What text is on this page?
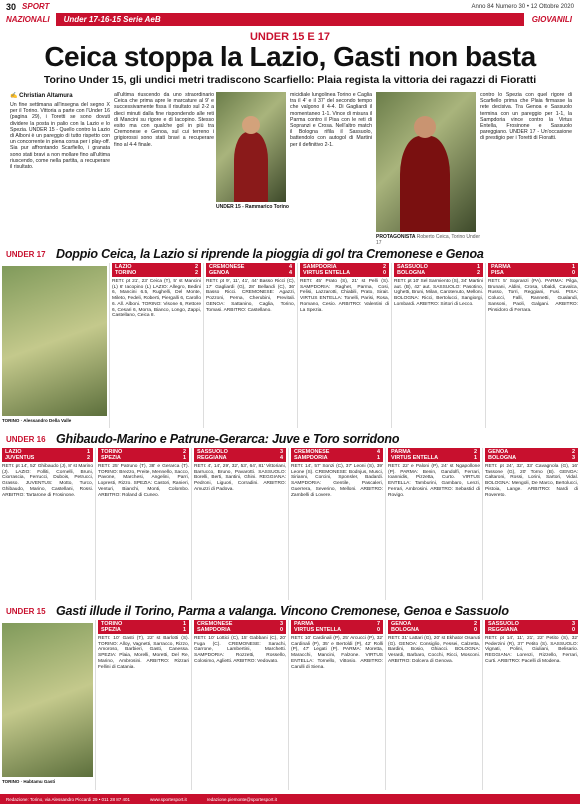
30 SPORT	Anno 84 Numero 30 • 12 Ottobre 2020
NAZIONALI	Under 17-16-15 Serie AeB	GIOVANILI
UNDER 15 E 17
Ceica stoppa la Lazio, Gasti non basta
Torino Under 15, gli undici metri tradiscono Scarfiello: Plaia regista la vittoria dei ragazzi di Fioratti
✍ Christian Altamura
Un fine settimana all'insegna del segno X per il Torino. Vittoria a parte con l'Under 16 (pagina 29), i Toretti se sono dovuti dividere la posta in palio con la Lazio e lo Spezia. UNDER 15 - Quello contro la Lazio di Alboni è un pareggio di tutto rispetto con un concorrente in piena corsa per i play-off. Sia pur affrontando Scarfiello, i granata sono stati bravi a non mollare fino all'ultima riuscendo, come nella partita, a recuperare il risultato.
all'ultima riuscendo da uno straordinario Ceica che prima apre le marcature al 9' e successivamente fissa il risultato sul 2-2 a dieci minuti dalla fine rispondendo alle reti di Mancini su rigore e di Iacopino. Stesso esito ma con qualche gol in più tra Cremonese e Genoa, sul cui terreno i grigiorossi sono stati bravi a recuperare fino al 4-4 finale.
UNDER 15 - Rammarico Torino
micidiale lungolinea Torino e Caglia tra il 4' e il 37' del secondo tempo che valgono il 4-4. Di Gagliardi il momentaneo 1-1. Vince di misura il Parma contro il Pisa con le reti di Sopranzi e Crosa. Nell'altro match il Bologna rifila il Sassuolo, battendolo con autogol di Martini per il definitivo 2-1.
PROTAGONISTA Roberto Ceica, Torino Under 17
contro lo Spezia con quel rigore di Scarfiello prima che Plaia firmasse la rete decisiva. Tra Genoa e Sassuolo termina con un pareggio per 1-1, la Sampdoria vince contro la Virtus Entella, Frosinone e Sassuolo pareggiano. UNDER 17 - Un'occasione di prestigio per i Toretti di Fioratti.
UNDER 17 Doppio Ceica, la Lazio si riprende la pioggia di gol tra Cremonese e Genoa
TORINO · Alessandro Della Valle
LAZIO	2
TORINO	2
RETI: pt 21', 23' Ceica (T), 5' st Mancini (L) 6' Iacopino (L) LAZIO: Allegro, Bedini 6, Mancini 6.5, Rughelli, Del Monte, Mileto, Fedeli, Roberti, Piergalli 6, Carollo 6. All. Alboni. TORINO: Visone 6, Rettore 6, Cesari 6, Morra, Bianco, Longo, Zappi, Castellano, Ceica 8.
CREMONESE	4
GENOA	4
RETI: pt 9', 11', 41', 44' Basso Ricci (C), 17' Gagliardi (G), 28' Bellandi (C), 36' Basso Ricci. CREMONESE: Agazzi, Pozzoni, Perna, Cherubini, Previtali. GENOA: Sattanino, Caglia, Torino, Tomasi. ARBITRO: Castellano.
SAMPDORIA	2
VIRTUS ENTELLA	0
RETI: 45' Prato (S), 21' st Pelli (S). SAMPDORIA: Raghet, Parma, Cosi, Felisi, Lazzarotti, Chiabili, Prato, Sirait. VIRTUS ENTELLA: Tonelli, Parisi, Rosa, Romano, Cesio. ARBITRO: Valentini di La Spezia.
SASSUOLO	1
BOLOGNA	2
RETI: pt 10' Sel Sarmiento (S), 34' Martini aut. (B), 42' aut. SASSUOLO: Pasotino, Ughetti, Bruni, Milan, Carotenuto, Melloni. BOLOGNA: Ricci, Bertolucci, Sangiorgi, Lombardi. ARBITRO: Sirtori di Lecco.
PARMA	1
PISA	0
RETI: 5' Sopranzi (PA). PARMA: Pilga, Brunani, Aldini, Crosa, Ubaldi, Cavalca, Russo, Torri, Reggiani, Fusi. PISA: Colucci, Falli, Rannetti, Gualandi, Sansoni, Paoli, Galgani. ARBITRO: Pinsidoro di Ferrara.
UNDER 16 Ghibaudo-Marino e Patrune-Gerarca: Juve e Toro sorridono
LAZIO	1
JUVENTUS	2
RETI: pt 14', 52' Ghibaudo (J), 8' st Marino (J). LAZIO: Folliti, Cornelli, Bruni, Ciorrascia, Ferrucci, Dubois, Petrucci, Grasso. JUVENTUS: Motto, Turco, Ghibaudo, Marino, Castellani, Rossi. ARBITRO: Tartarone di Frosinone.
TORINO	2
SPEZIA	1
RETI: 25' Patruno (T), 38' e Gerarca (T). TORINO: Brezzo, Preite, Mennello, Sacco, Pavone, Marchesi, Angelini, Parri, Lopresti, Rizzo. SPEZIA: Castori, Ranieri, Venturi, Bianchi, Monti, Colombo. ARBITRO: Roland di Cuneo.
SASSUOLO	3
REGGIANA	4
RETI: 4', 14', 29', 32', 53', 64', 81' Vittoriani, Barrucco, Bruno, Pavarotti. SASSUOLO: Borelli, Berti, Santini, Ghini. REGGIANA: Pedroni, Liguori, Corradini. ARBITRO: Amuzzi di Padova.
CREMONESE	4
SAMPDORIA	1
RETI: 14', 57' Sonzi (C), 37' Leoni (S), 39' Leone (S). CREMONESE: Bodnjus, Musci, Sirianni, Corcini, Sponsler, Badardi. SAMPDORIA: Gentile, Pascaleri, Guerrera, Severino, Melloni. ARBITRO: Zambelli di Lovere.
PARMA	2
VIRTUS ENTELLA	1
RETI: 22' e Paloni (P), 24' st Ngapollone (P). PARMA: Benin, Gandolfi, Ferrari, Ioannidis, Pizzetta, Curto. VIRTUS ENTELLA: Tamburini, Gambaro, Lenzi, Ferrari, Ambrosini. ARBITRO: Sebastid di Rovigo.
GENOA	2
BOLOGNA	3
RETI: pt 24', 32', 33' Cavagnola (G), 16' Tassone (G), 20' Torno (B). GENOA: Caltaroni, Rossi, Lorini, Sartori, Vidal. BOLOGNA: Mengoli, De Marco, Bertolucci, Pistoia, Lange. ARBITRO: Nardi di Rovereto.
UNDER 15 Gasti illude il Torino, Parma a valanga. Vincono Cremonese, Genoa e Sassuolo
TORINO · Habtamu Gasti
TORINO	1
SPEZIA	1
RETI: 10' Gasti (T), 22' st Barlotti (S). TORINO: Alloy, Vagnetti, Sarracco, Rizzo, Amoroso, Barbieri, Gasti, Canessa. SPEZIA: Plaia, Morelli, Moretti, Del Re, Marino, Ambrosini. ARBITRO: Rizzari Fellini di Catania.
CREMONESE	3
SAMPDORIA	0
RETI: 10' Lottici (C), 15' Gabbani (C), 20' Fuga (C). CREMONESE: Sarachi, Garrone, Lambertini, Marchetti. SAMPDORIA: Rozzetti, Rossello, Colosimo, Aglietti. ARBITRO: Vedovato.
PARMA	7
VIRTUS ENTELLA	0
RETI: 10' Cardinali (P), 25' Arcucci (P), 32' Cardinali (P), 35' e Bertoldi (P), 42' Rolli (P), 47' Legati (P). PARMA: Moretta, Maracchi, Mancini, Falzone. VIRTUS ENTELLA: Tornello, Vittosio. ARBITRO: Carulli di Siena.
GENOA	2
BOLOGNA	0
RETI: 31' Lattari (G), 20' st Ekhator Osaruti (G). GENOA: Consiglio, Fessei, Calzetta, Bardini, Bosio, Ghiacci. BOLOGNA: Verardi, Barbaro, Cocchi, Ricci, Mosconi. ARBITRO: Dolcera di Genova.
SASSUOLO	3
REGGIANA	0
RETI: pt 14', 11', 21', 22' Petito (S), 32' Pederzini (R), 37' Petito (S). SASSUOLO: Vignati, Polini, Giuliani, Belisario. REGGIANA: Lorenzi, Rizzello, Ferrari, Curti. ARBITRO: Pacelli di Modena.
Redazione: Torino, via Alessandro Piccardi 29 • 011 28 87 401	www.sportesport.it	redazione.piemonte@sportesport.it
